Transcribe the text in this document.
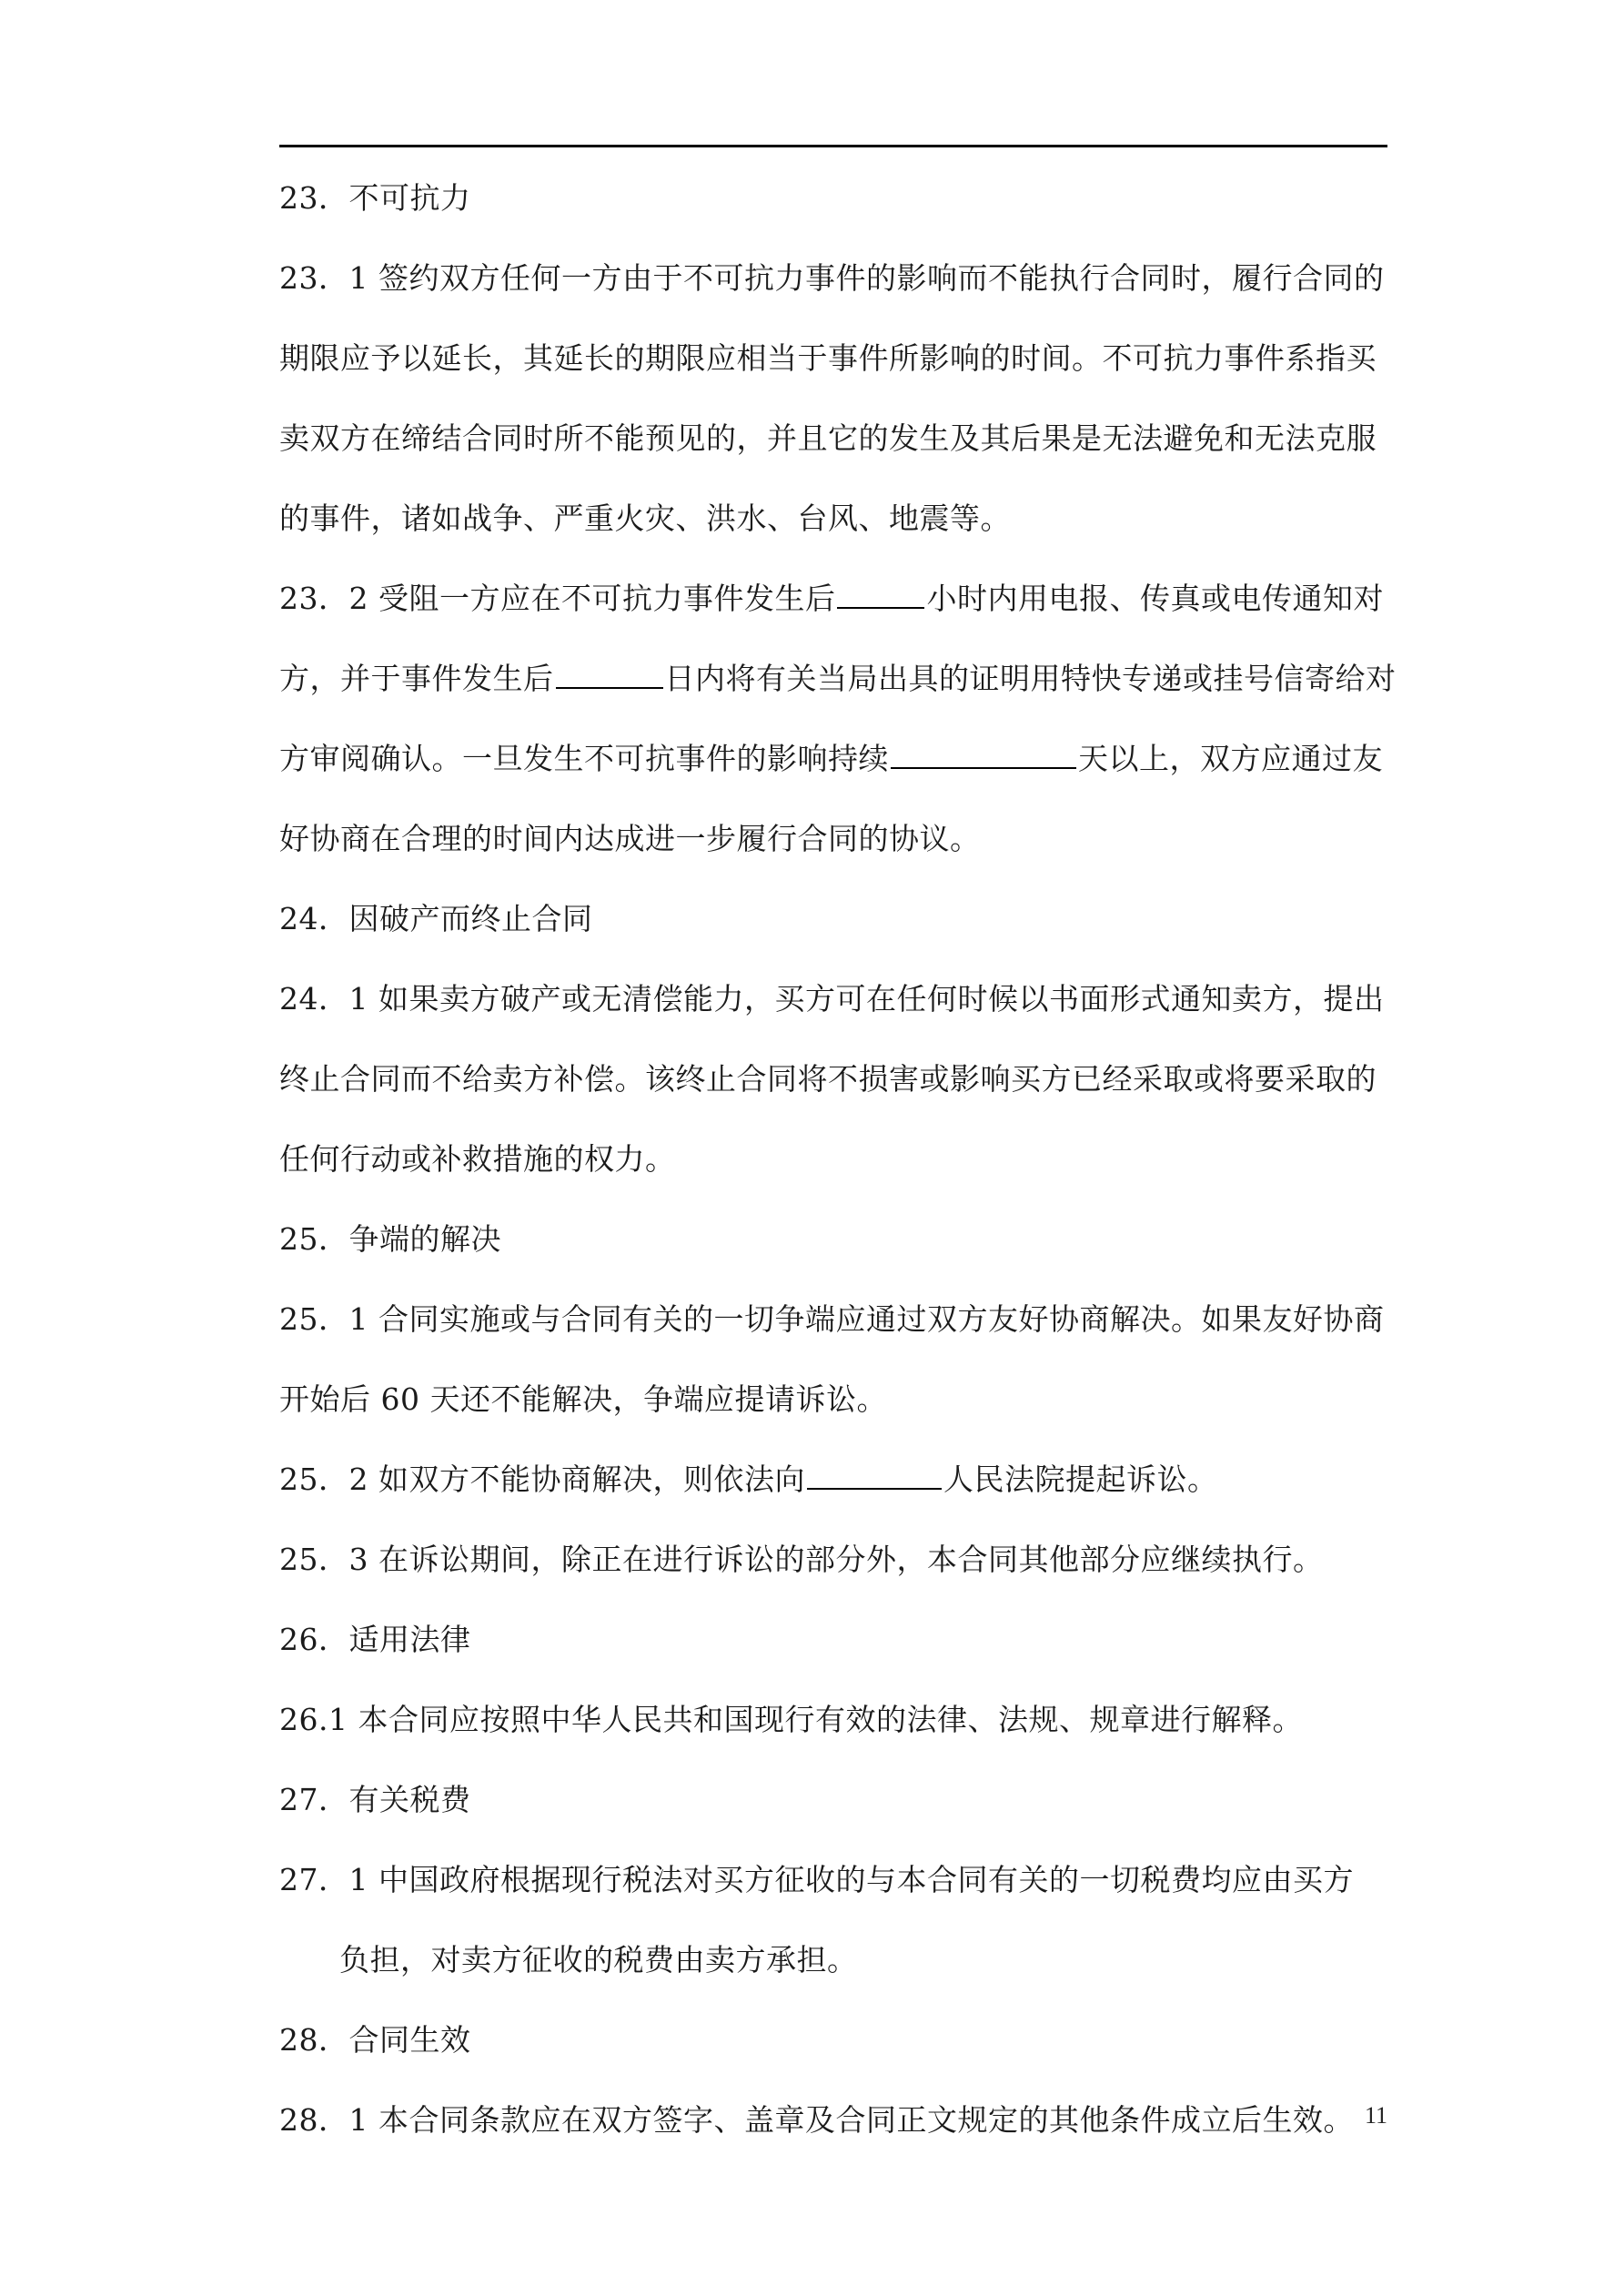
23．不可抗力
23．1 签约双方任何一方由于不可抗力事件的影响而不能执行合同时，履行合同的
期限应予以延长，其延长的期限应相当于事件所影响的时间。不可抗力事件系指买
卖双方在缔结合同时所不能预见的，并且它的发生及其后果是无法避免和无法克服
的事件，诸如战争、严重火灾、洪水、台风、地震等。
23．2 受阻一方应在不可抗力事件发生后	小时内用电报、传真或电传通知对
方，并于事件发生后	日内将有关当局出具的证明用特快专递或挂号信寄给对
方审阅确认。一旦发生不可抗事件的影响持续	天以上，双方应通过友
好协商在合理的时间内达成进一步履行合同的协议。
24．因破产而终止合同
24．1 如果卖方破产或无清偿能力，买方可在任何时候以书面形式通知卖方，提出
终止合同而不给卖方补偿。该终止合同将不损害或影响买方已经采取或将要采取的
任何行动或补救措施的权力。
25．争端的解决
25．1 合同实施或与合同有关的一切争端应通过双方友好协商解决。如果友好协商
开始后 60 天还不能解决，争端应提请诉讼。
25．2 如双方不能协商解决，则依法向	人民法院提起诉讼。
25．3 在诉讼期间，除正在进行诉讼的部分外，本合同其他部分应继续执行。
26．适用法律
26.1 本合同应按照中华人民共和国现行有效的法律、法规、规章进行解释。
27．有关税费
27．1 中国政府根据现行税法对买方征收的与本合同有关的一切税费均应由买方
负担，对卖方征收的税费由卖方承担。
28．合同生效
28．1 本合同条款应在双方签字、盖章及合同正文规定的其他条件成立后生效。 11
